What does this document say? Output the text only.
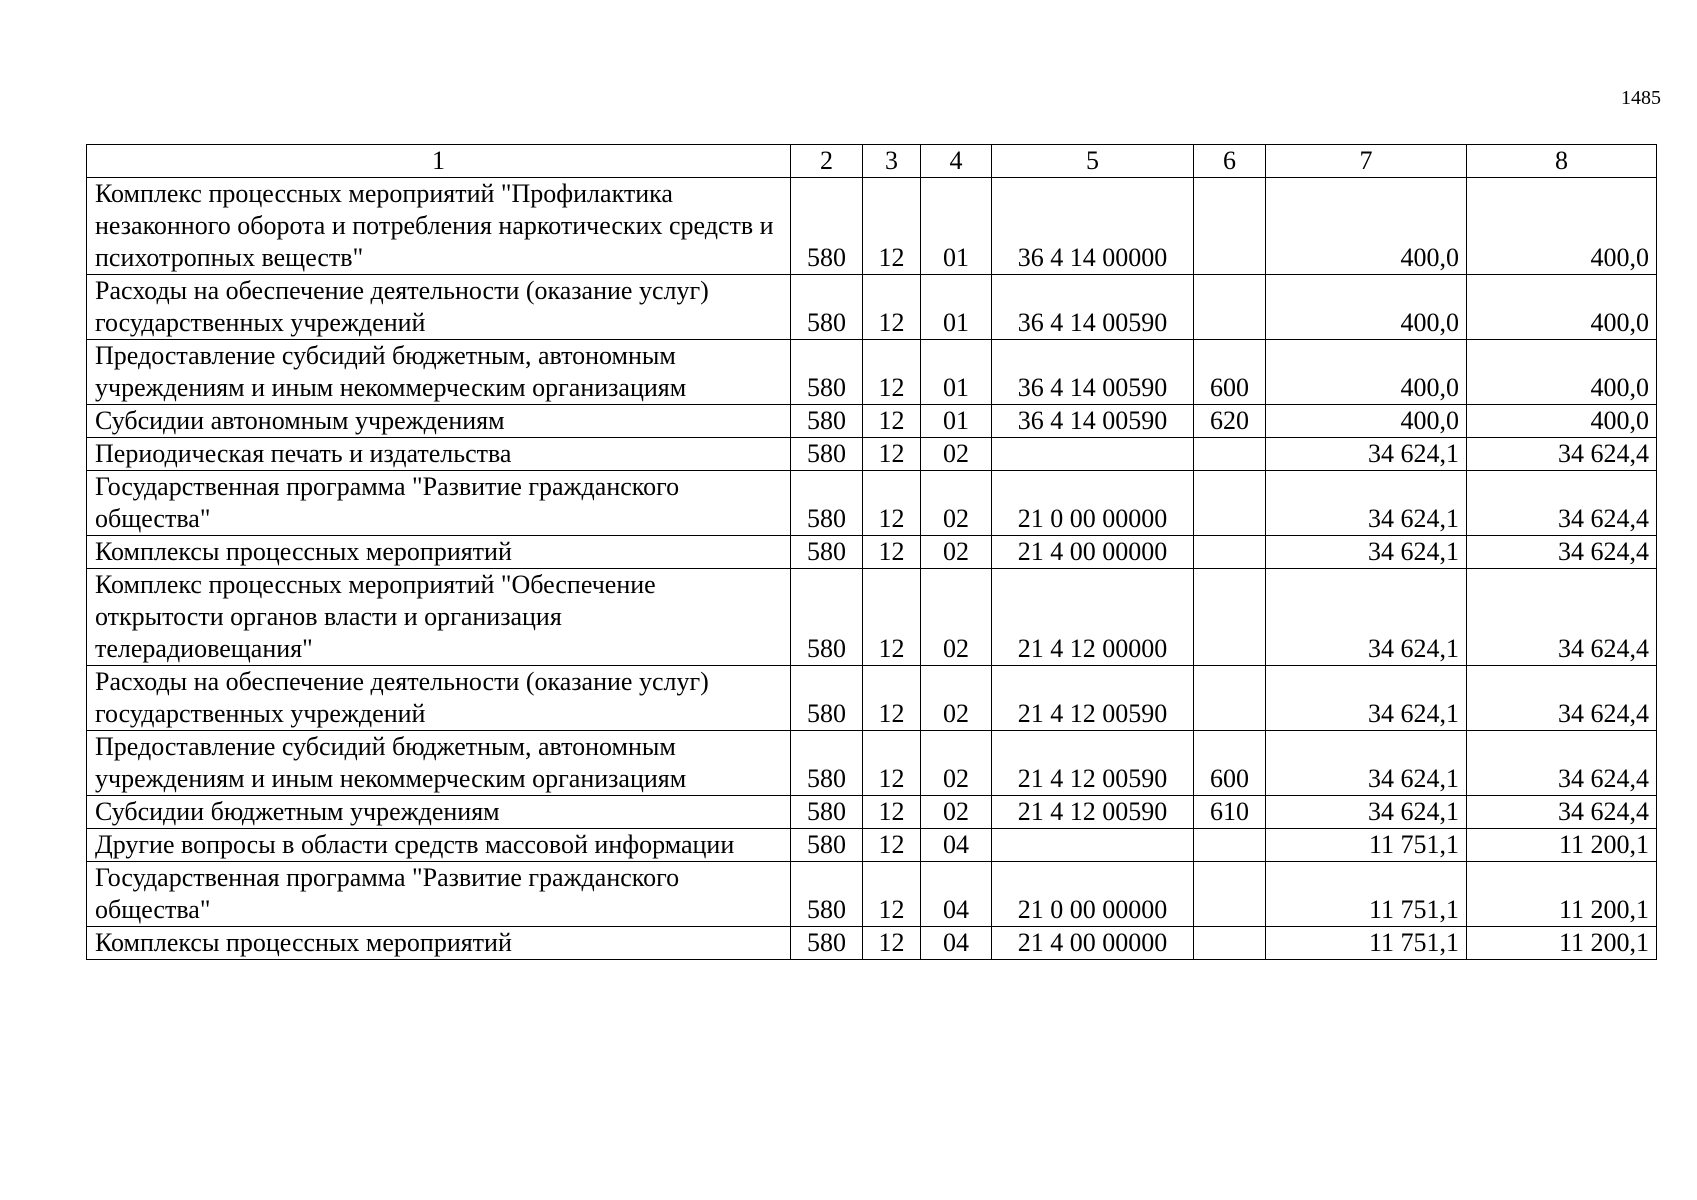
1485
1	2	3	4	5	6	7	8
Комплекс процессных мероприятий "Профилактика незаконного оборота и потребления наркотических средств и психотропных веществ"	580	12	01	36 4 14 00000		400,0	400,0
Расходы на обеспечение деятельности (оказание услуг) государственных учреждений	580	12	01	36 4 14 00590		400,0	400,0
Предоставление субсидий бюджетным, автономным учреждениям и иным некоммерческим организациям	580	12	01	36 4 14 00590	600	400,0	400,0
Субсидии автономным учреждениям	580	12	01	36 4 14 00590	620	400,0	400,0
Периодическая печать и издательства	580	12	02			34 624,1	34 624,4
Государственная программа "Развитие гражданского общества"	580	12	02	21 0 00 00000		34 624,1	34 624,4
Комплексы процессных мероприятий	580	12	02	21 4 00 00000		34 624,1	34 624,4
Комплекс процессных мероприятий "Обеспечение открытости органов власти и организация телерадиовещания"	580	12	02	21 4 12 00000		34 624,1	34 624,4
Расходы на обеспечение деятельности (оказание услуг) государственных учреждений	580	12	02	21 4 12 00590		34 624,1	34 624,4
Предоставление субсидий бюджетным, автономным учреждениям и иным некоммерческим организациям	580	12	02	21 4 12 00590	600	34 624,1	34 624,4
Субсидии бюджетным учреждениям	580	12	02	21 4 12 00590	610	34 624,1	34 624,4
Другие вопросы в области средств массовой информации	580	12	04			11 751,1	11 200,1
Государственная программа "Развитие гражданского общества"	580	12	04	21 0 00 00000		11 751,1	11 200,1
Комплексы процессных мероприятий	580	12	04	21 4 00 00000		11 751,1	11 200,1
